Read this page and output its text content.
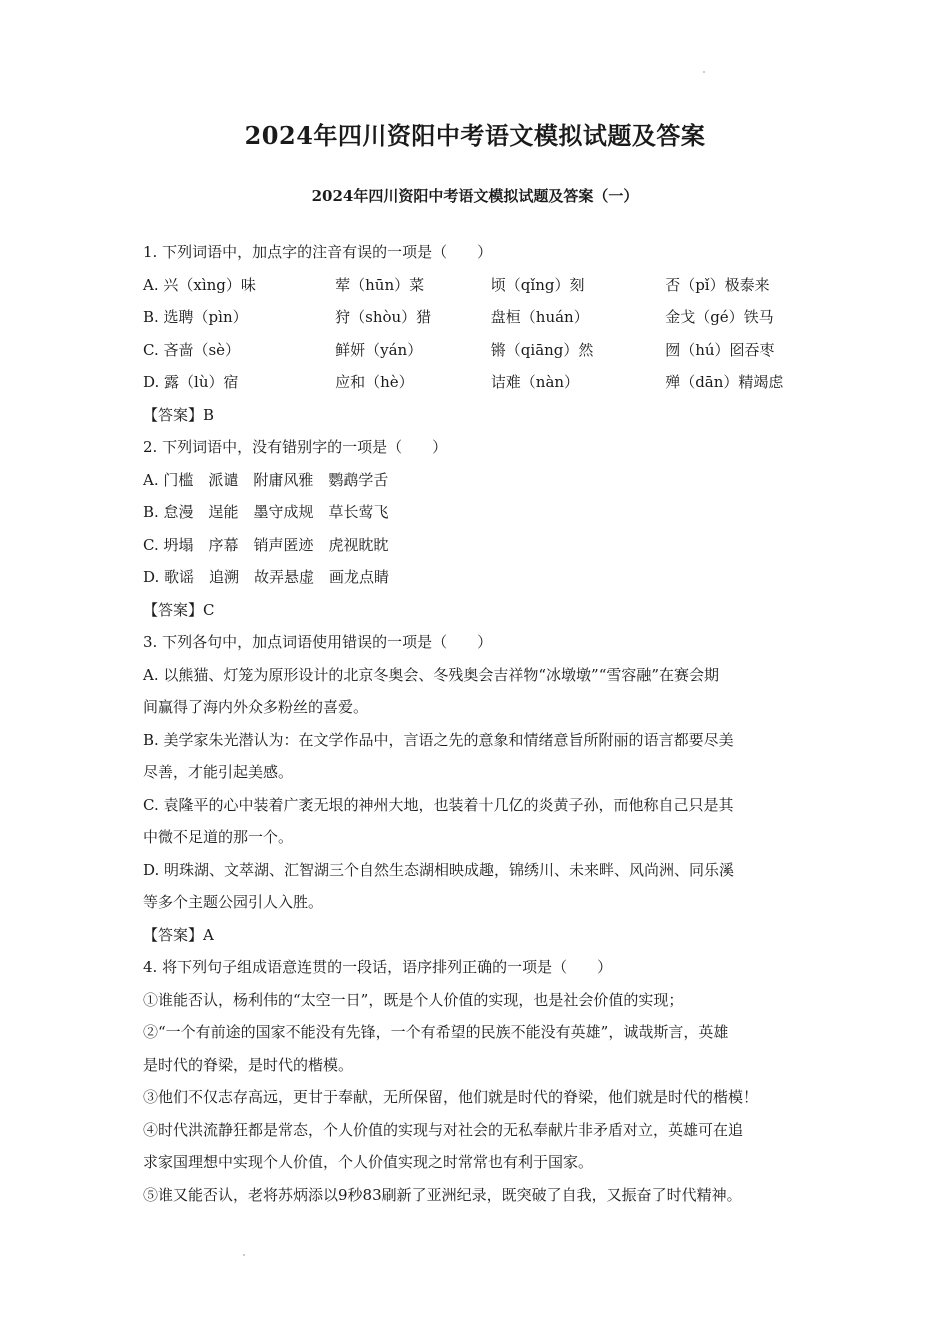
2024年四川资阳中考语文模拟试题及答案
2024年四川资阳中考语文模拟试题及答案（一）
1. 下列词语中，加点字的注音有误的一项是（　　）
A. 兴（xìng）味	荤（hūn）菜	顷（qǐng）刻	否（pǐ）极泰来
B. 选聘（pìn）	狩（shòu）猎	盘桓（huán）	金戈（gé）铁马
C. 吝啬（sè）	鲜妍（yán）	锵（qiāng）然	囫（hú）囵吞枣
D. 露（lù）宿	应和（hè）	诘难（nàn）	殚（dān）精竭虑
【答案】B
2. 下列词语中，没有错别字的一项是（　　）
A. 门槛　派谴　附庸风雅　鹦鹉学舌
B. 怠漫　逞能　墨守成规　草长莺飞
C. 坍塌　序幕　销声匿迹　虎视眈眈
D. 歌谣　追溯　故弄悬虚　画龙点睛
【答案】C
3. 下列各句中，加点词语使用错误的一项是（　　）
A. 以熊猫、灯笼为原形设计的北京冬奥会、冬残奥会吉祥物“冰墩墩”“雪容融”在赛会期
间赢得了海内外众多粉丝的喜爱。
B. 美学家朱光潜认为：在文学作品中，言语之先的意象和情绪意旨所附丽的语言都要尽美
尽善，才能引起美感。
C. 袁隆平的心中装着广袤无垠的神州大地，也装着十几亿的炎黄子孙，而他称自己只是其
中微不足道的那一个。
D. 明珠湖、文萃湖、汇智湖三个自然生态湖相映成趣，锦绣川、未来畔、风尚洲、同乐溪
等多个主题公园引人入胜。
【答案】A
4. 将下列句子组成语意连贯的一段话，语序排列正确的一项是（　　）
①谁能否认，杨利伟的“太空一日”，既是个人价值的实现，也是社会价值的实现；
②“一个有前途的国家不能没有先锋，一个有希望的民族不能没有英雄”，诚哉斯言，英雄
是时代的脊梁，是时代的楷模。
③他们不仅志存高远，更甘于奉献，无所保留，他们就是时代的脊梁，他们就是时代的楷模！
④时代洪流静狂都是常态，个人价值的实现与对社会的无私奉献片非矛盾对立，英雄可在追
求家国理想中实现个人价值，个人价值实现之时常常也有利于国家。
⑤谁又能否认，老将苏炳添以9秒83刷新了亚洲纪录，既突破了自我，又振奋了时代精神。
